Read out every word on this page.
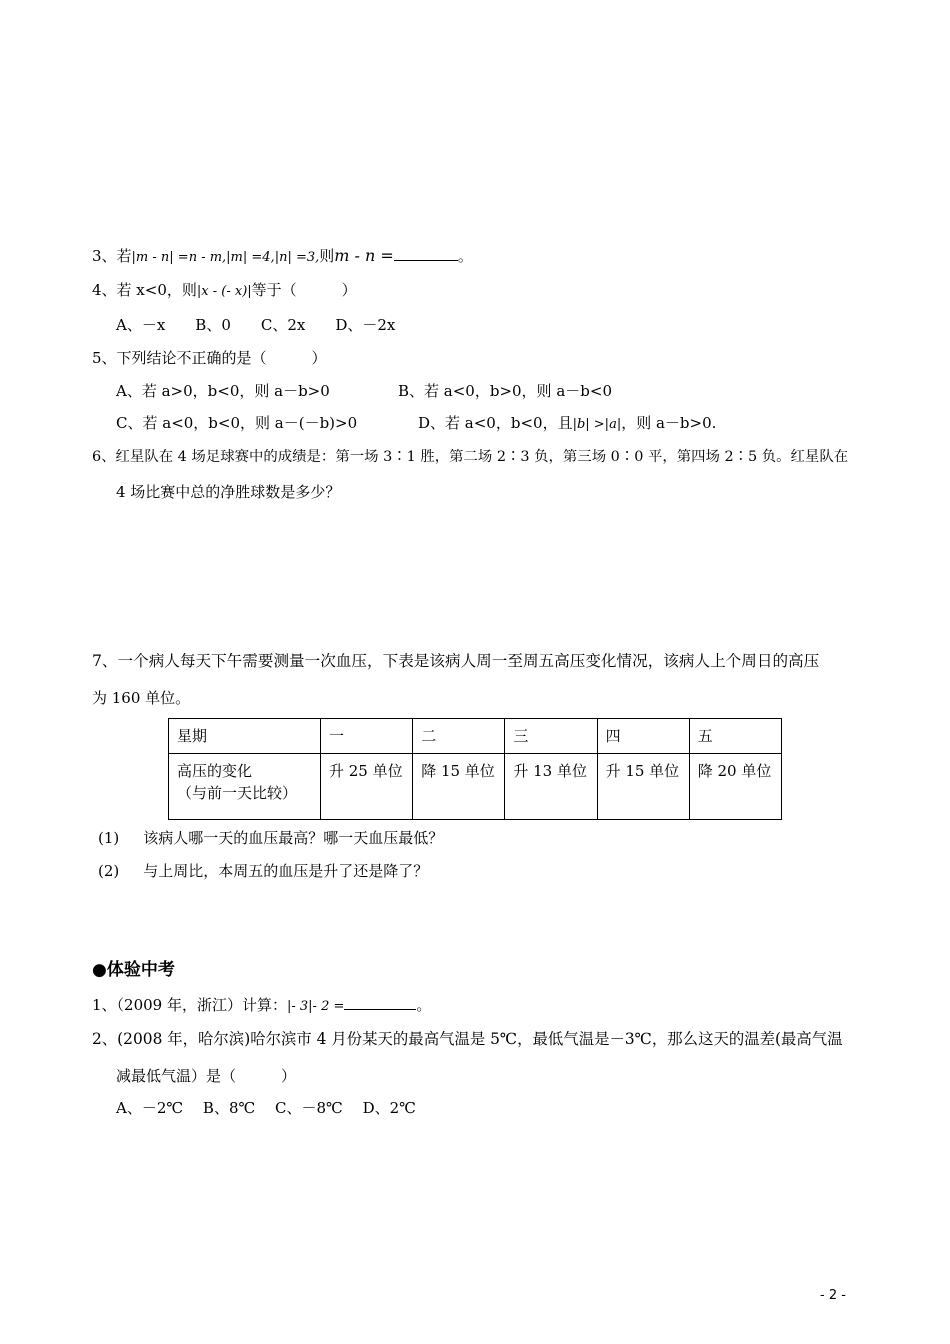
3、若|m - n| =n - m,|m| =4,|n| =3,则m - n =	。
4、若 x<0，则|x - (- x)|等于（　　　）
A、－x　　B、0　　C、2x　　D、－2x
5、下列结论不正确的是（　　　）
A、若 a>0，b<0，则 a－b>0	B、若 a<0，b>0，则 a－b<0
C、若 a<0，b<0，则 a－(－b)>0	D、若 a<0，b<0，且|b| >|a|，则 a－b>0.
6、红星队在 4 场足球赛中的成绩是：第一场 3∶1 胜，第二场 2∶3 负，第三场 0∶0 平，第四场 2∶5 负。红星队在
4 场比赛中总的净胜球数是多少？
7、一个病人每天下午需要测量一次血压，下表是该病人周一至周五高压变化情况，该病人上个周日的高压
为 160 单位。
星期	一	二	三	四	五

高压的变化
（与前一天比较）	升 25 单位	降 15 单位	升 13 单位	升 15 单位	降 20 单位
(1) 该病人哪一天的血压最高？哪一天血压最低？
(2) 与上周比，本周五的血压是升了还是降了？
●体验中考
1、（2009 年，浙江）计算：|- 3|- 2 =	。
2、(2008 年，哈尔滨)哈尔滨市 4 月份某天的最高气温是 5℃，最低气温是－3℃，那么这天的温差(最高气温
减最低气温）是（　　　）
A、－2℃　 B、8℃　 C、－8℃　 D、2℃
- 2 -
